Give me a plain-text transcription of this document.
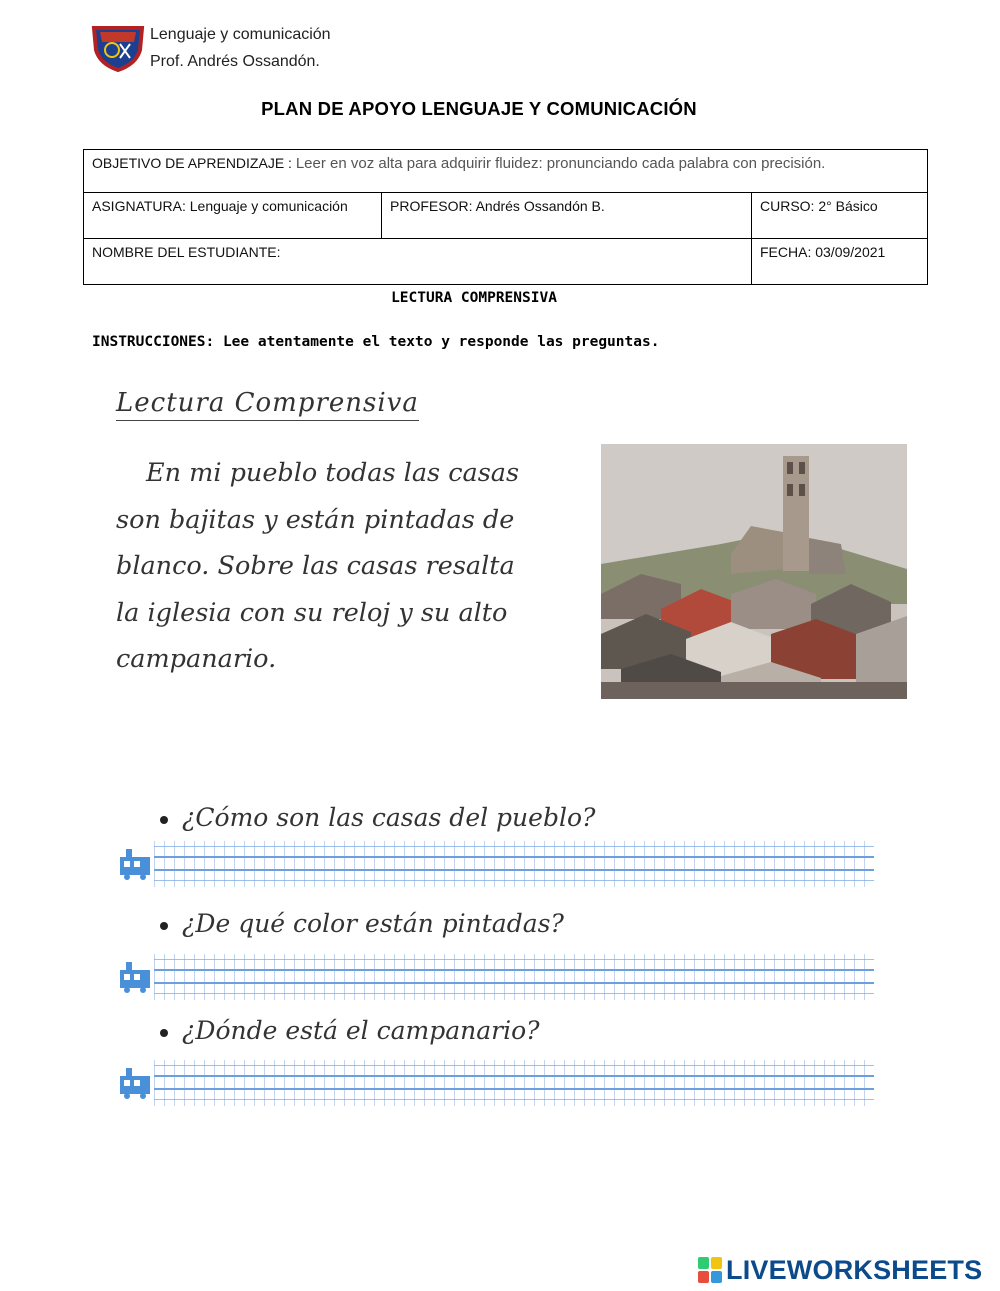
Lenguaje y comunicación
Prof. Andrés Ossandón.
PLAN DE APOYO LENGUAJE Y COMUNICACIÓN
OBJETIVO DE APRENDIZAJE : Leer en voz alta para adquirir fluidez: pronunciando cada palabra con precisión.		
ASIGNATURA: Lenguaje y comunicación	PROFESOR: Andrés Ossandón B.	CURSO: 2° Básico
NOMBRE DEL ESTUDIANTE:		FECHA: 03/09/2021
LECTURA COMPRENSIVA
INSTRUCCIONES: Lee atentamente el texto y responde las preguntas.
Lectura Comprensiva
En mi pueblo todas las casas
son bajitas y están pintadas de
blanco. Sobre las casas resalta
la iglesia con su reloj y su alto
campanario.
¿Cómo son las casas del pueblo?
¿De qué color están pintadas?
¿Dónde está el campanario?
LIVEWORKSHEETS
